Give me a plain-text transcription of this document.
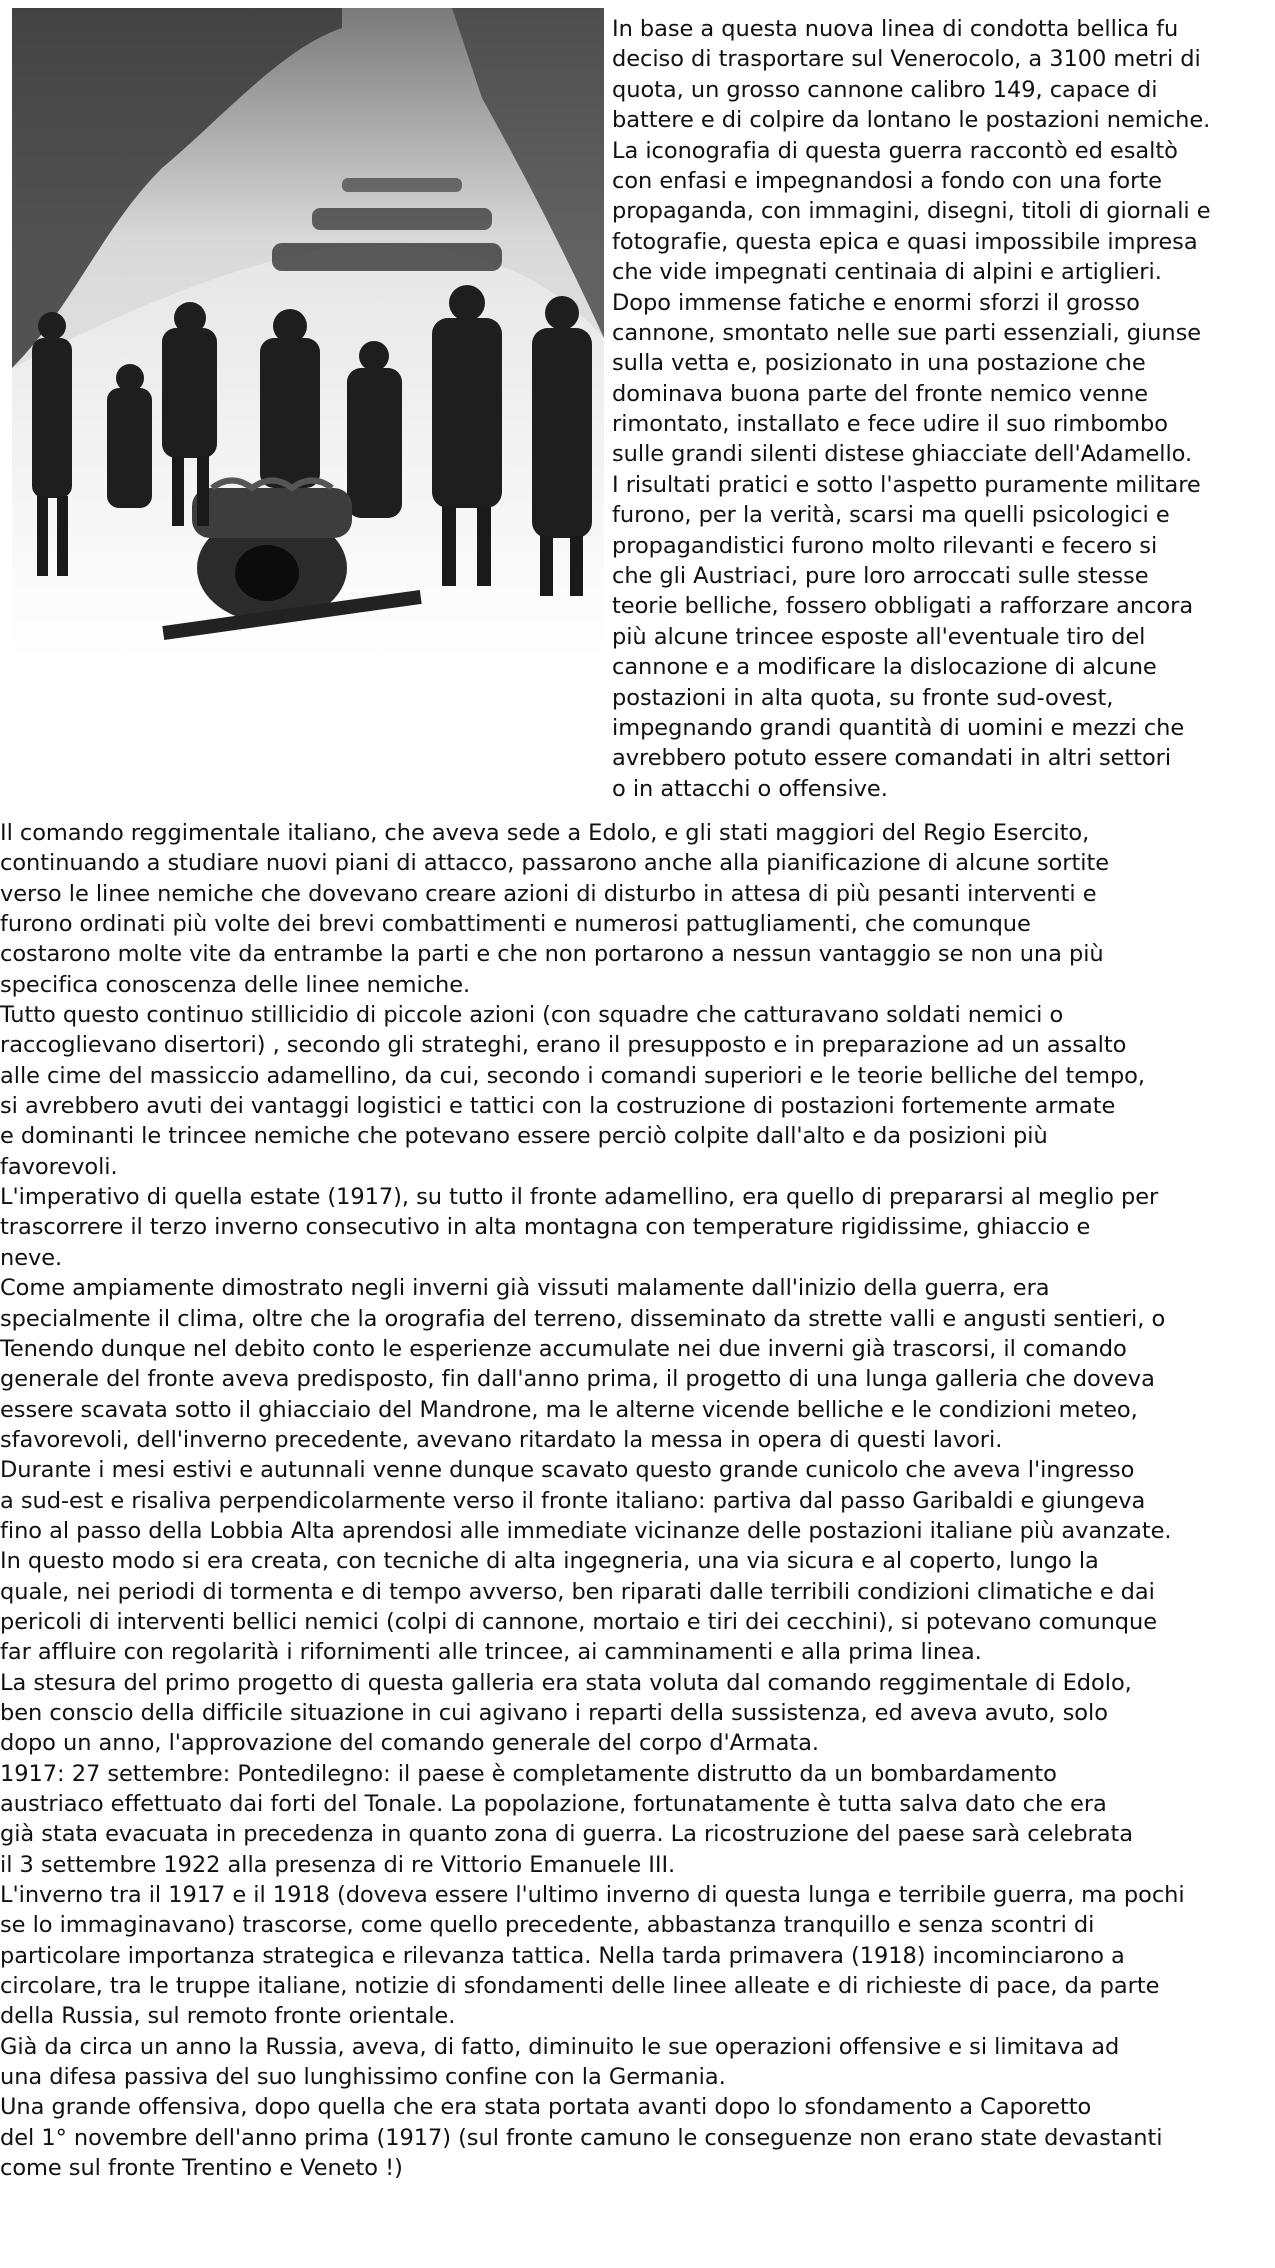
In base a questa nuova linea di condotta bellica fu
deciso di trasportare sul Venerocolo, a 3100 metri di
quota, un grosso cannone calibro 149, capace di
battere e di colpire da lontano le postazioni nemiche.
La iconografia di questa guerra raccontò ed esaltò
con enfasi e impegnandosi a fondo con una forte
propaganda, con immagini, disegni, titoli di giornali e
fotografie, questa epica e quasi impossibile impresa
che vide impegnati centinaia di alpini e artiglieri.
Dopo immense fatiche e enormi sforzi il grosso
cannone, smontato nelle sue parti essenziali, giunse
sulla vetta e, posizionato in una postazione che
dominava buona parte del fronte nemico venne
rimontato, installato e fece udire il suo rimbombo
sulle grandi silenti distese ghiacciate dell'Adamello.
I risultati pratici e sotto l'aspetto puramente militare
furono, per la verità, scarsi ma quelli psicologici e
propagandistici furono molto rilevanti e fecero si
che gli Austriaci, pure loro arroccati sulle stesse
teorie belliche, fossero obbligati a rafforzare ancora
più alcune trincee esposte all'eventuale tiro del
cannone e a modificare la dislocazione di alcune
postazioni in alta quota, su fronte sud-ovest,
impegnando grandi quantità di uomini e mezzi che
avrebbero potuto essere comandati in altri settori
o in attacchi o offensive.
Il comando reggimentale italiano, che aveva sede a Edolo, e gli stati maggiori del Regio Esercito,
continuando a studiare nuovi piani di attacco, passarono anche alla pianificazione di alcune sortite
verso le linee nemiche che dovevano creare azioni di disturbo in attesa di più pesanti interventi e
furono ordinati più volte dei brevi combattimenti e numerosi pattugliamenti, che comunque
costarono molte vite da entrambe la parti e che non portarono a nessun vantaggio se non una più
specifica conoscenza delle linee nemiche.
Tutto questo continuo stillicidio di piccole azioni (con squadre che catturavano soldati nemici o
raccoglievano disertori) , secondo gli strateghi, erano il presupposto e in preparazione ad un assalto
alle cime del massiccio adamellino, da cui, secondo i comandi superiori e le teorie belliche del tempo,
si avrebbero avuti dei vantaggi logistici e tattici con la costruzione di postazioni fortemente armate
e dominanti le trincee nemiche che potevano essere perciò colpite dall'alto e da posizioni più
favorevoli.
L'imperativo di quella estate (1917), su tutto il fronte adamellino, era quello di prepararsi al meglio per
trascorrere il terzo inverno consecutivo in alta montagna con temperature rigidissime, ghiaccio e
neve.
Come ampiamente dimostrato negli inverni già vissuti malamente dall'inizio della guerra, era
specialmente il clima, oltre che la orografia del terreno, disseminato da strette valli e angusti sentieri, o
Tenendo dunque nel debito conto le esperienze accumulate nei due inverni già trascorsi, il comando
generale del fronte aveva predisposto, fin dall'anno prima, il progetto di una lunga galleria che doveva
essere scavata sotto il ghiacciaio del Mandrone, ma le alterne vicende belliche e le condizioni meteo,
sfavorevoli, dell'inverno precedente, avevano ritardato la messa in opera di questi lavori.
Durante i mesi estivi e autunnali venne dunque scavato questo grande cunicolo che aveva l'ingresso
a sud-est e risaliva perpendicolarmente verso il fronte italiano: partiva dal passo Garibaldi e giungeva
fino al passo della Lobbia Alta aprendosi alle immediate vicinanze delle postazioni italiane più avanzate.
In questo modo si era creata, con tecniche di alta ingegneria, una via sicura e al coperto, lungo la
quale, nei periodi di tormenta e di tempo avverso, ben riparati dalle terribili condizioni climatiche e dai
pericoli di interventi bellici nemici (colpi di cannone, mortaio e tiri dei cecchini), si potevano comunque
far affluire con regolarità i rifornimenti alle trincee, ai camminamenti e alla prima linea.
La stesura del primo progetto di questa galleria era stata voluta dal comando reggimentale di Edolo,
ben conscio della difficile situazione in cui agivano i reparti della sussistenza, ed aveva avuto, solo
dopo un anno, l'approvazione del comando generale del corpo d'Armata.
1917: 27 settembre: Pontedilegno: il paese è completamente distrutto da un bombardamento
austriaco effettuato dai forti del Tonale. La popolazione, fortunatamente è tutta salva dato che era
già stata evacuata in precedenza in quanto zona di guerra. La ricostruzione del paese sarà celebrata
il 3 settembre 1922 alla presenza di re Vittorio Emanuele III.
L'inverno tra il 1917 e il 1918 (doveva essere l'ultimo inverno di questa lunga e terribile guerra, ma pochi
se lo immaginavano) trascorse, come quello precedente, abbastanza tranquillo e senza scontri di
particolare importanza strategica e rilevanza tattica. Nella tarda primavera (1918) incominciarono a
circolare, tra le truppe italiane, notizie di sfondamenti delle linee alleate e di richieste di pace, da parte
della Russia, sul remoto fronte orientale.
Già da circa un anno la Russia, aveva, di fatto, diminuito le sue operazioni offensive e si limitava ad
una difesa passiva del suo lunghissimo confine con la Germania.
Una grande offensiva, dopo quella che era stata portata avanti dopo lo sfondamento a Caporetto
del 1° novembre dell'anno prima (1917) (sul fronte camuno le conseguenze non erano state devastanti
come sul fronte Trentino e Veneto !)
